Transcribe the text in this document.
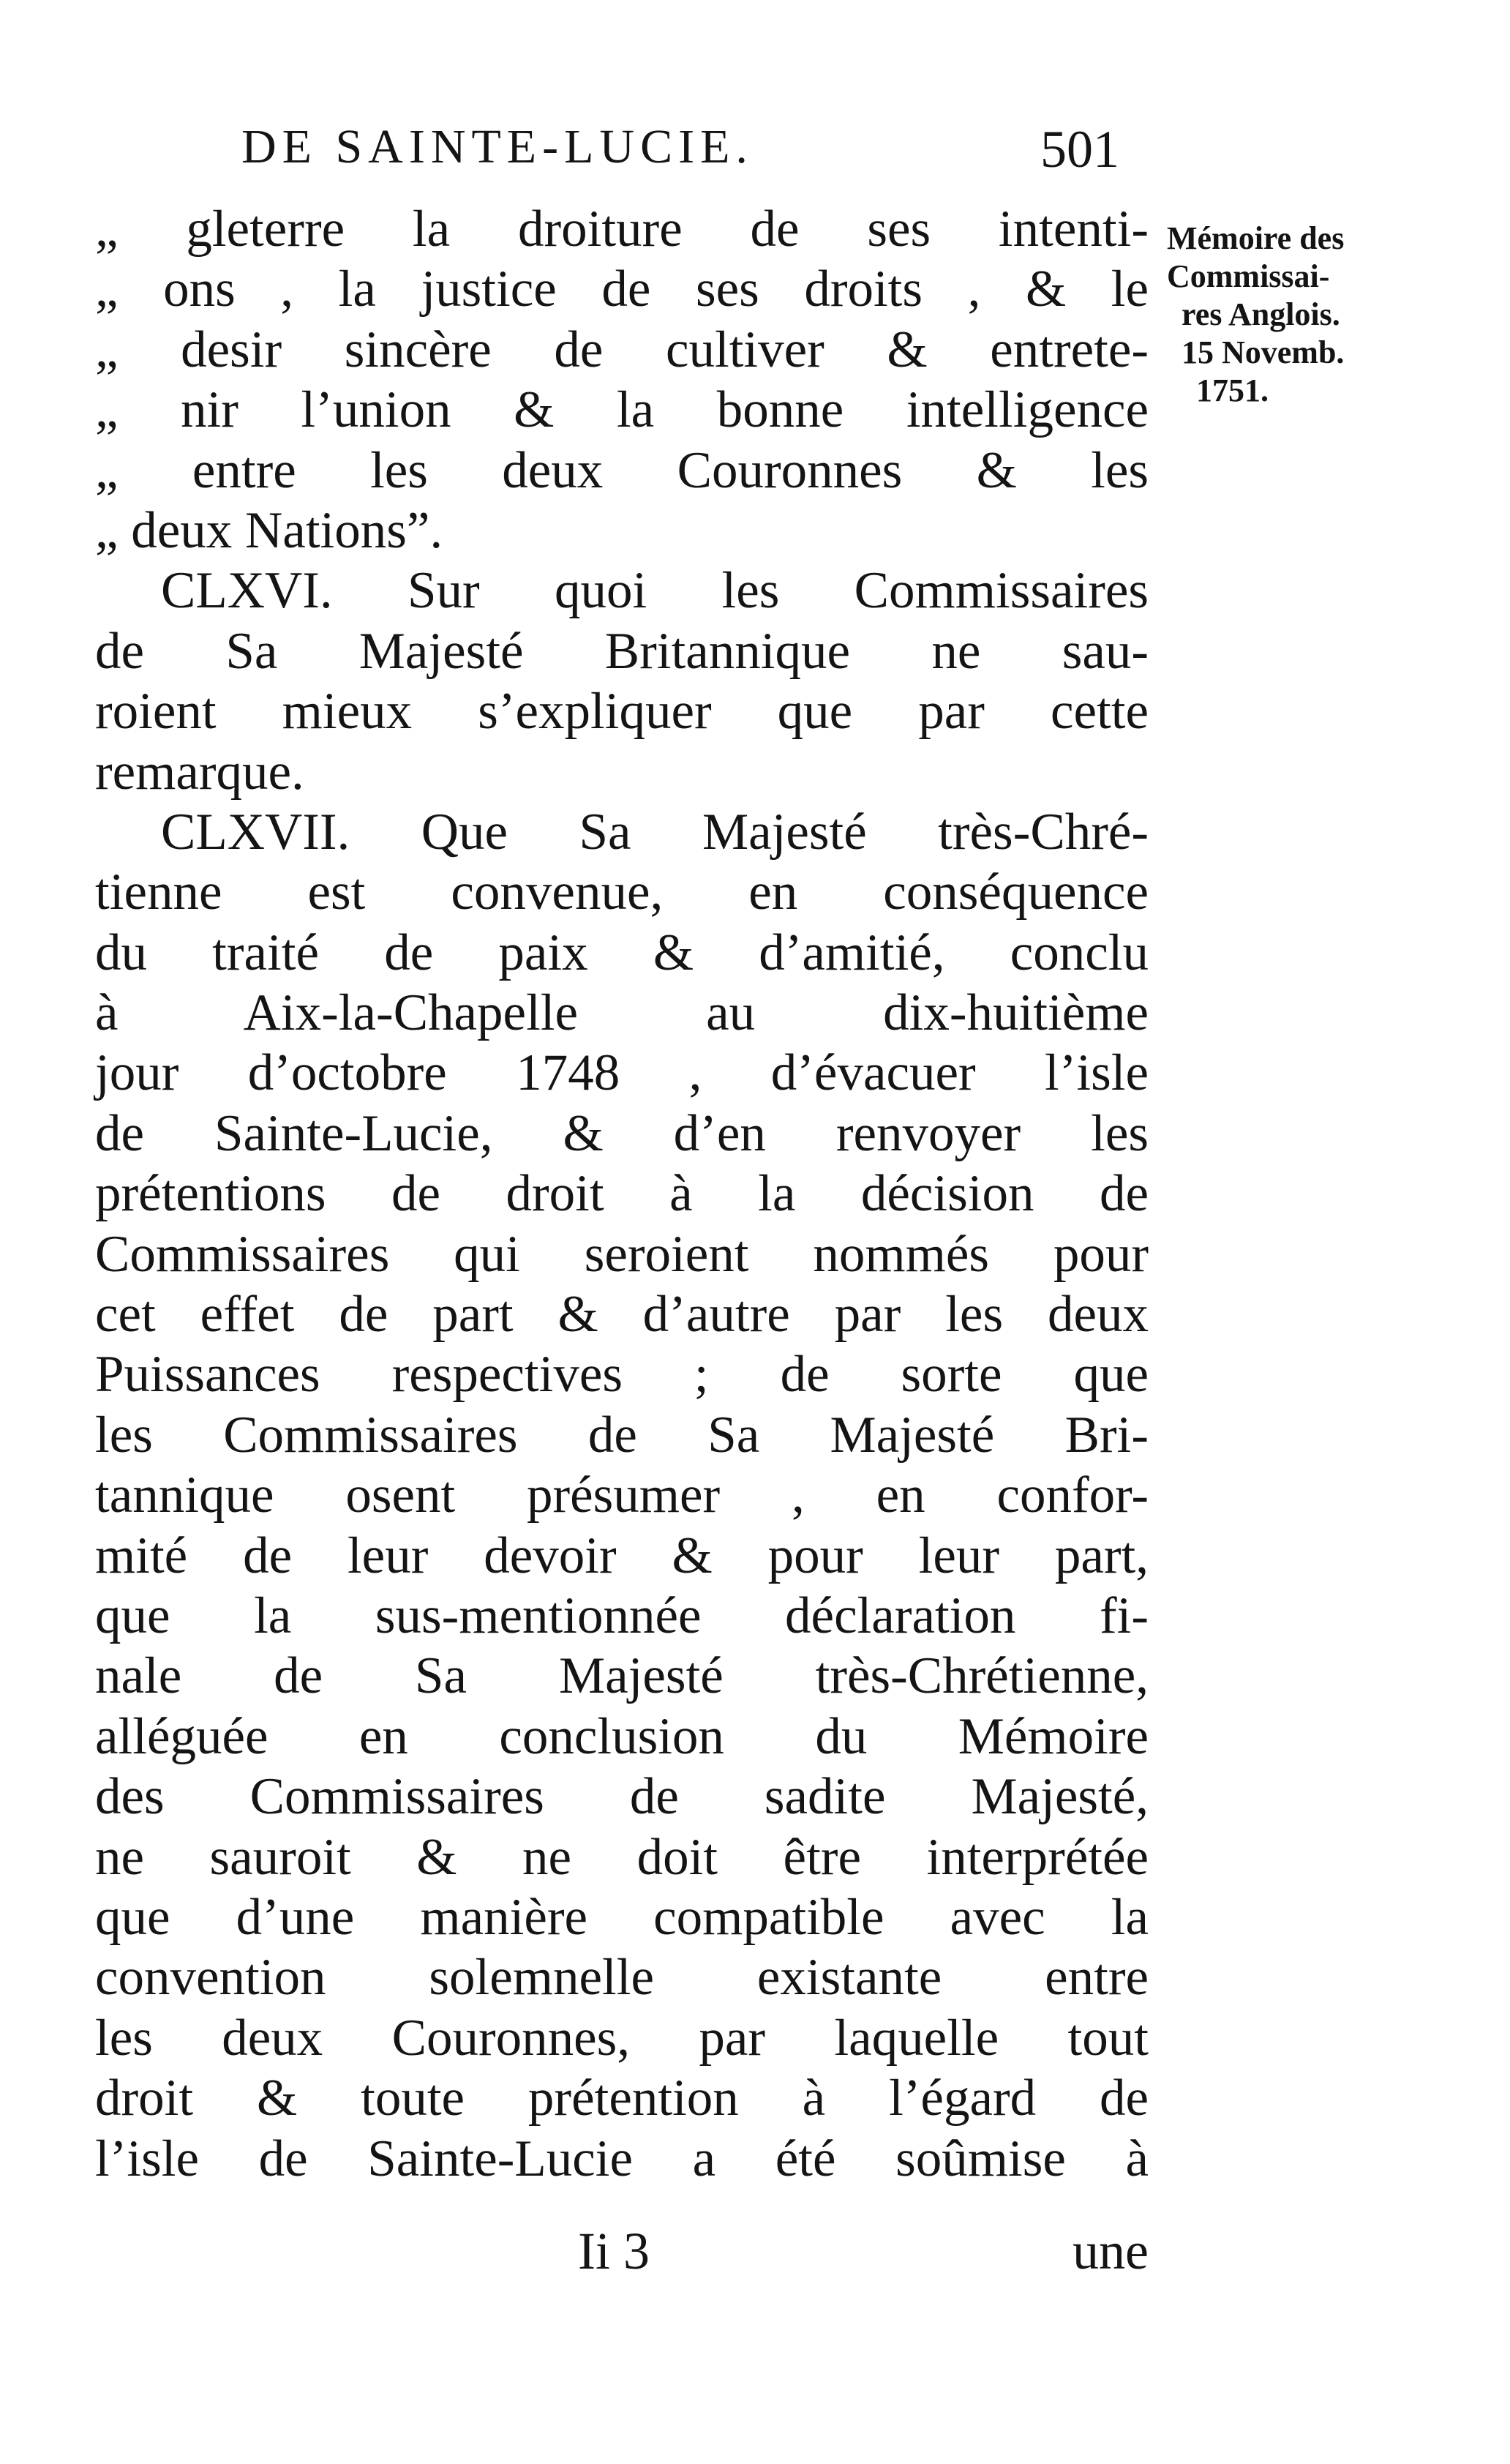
DE SAINTE-LUCIE.	501
Mémoire des
Commissai-
res Anglois.
15 Novemb.
1751.
„ gleterre la droiture de ses intenti-
„ ons , la justice de ses droits , & le
„ desir sincère de cultiver & entrete-
„ nir l’union & la bonne intelligence
„ entre les deux Couronnes & les
„ deux Nations”.
CLXVI. Sur quoi les Commissaires
de Sa Majesté Britannique ne sau-
roient mieux s’expliquer que par cette
remarque.
CLXVII. Que Sa Majesté très-Chré-
tienne est convenue, en conséquence
du traité de paix & d’amitié, conclu
à Aix-la-Chapelle au dix-huitième
jour d’octobre 1748 , d’évacuer l’isle
de Sainte-Lucie, & d’en renvoyer les
prétentions de droit à la décision de
Commissaires qui seroient nommés pour
cet effet de part & d’autre par les deux
Puissances respectives ; de sorte que
les Commissaires de Sa Majesté Bri-
tannique osent présumer , en confor-
mité de leur devoir & pour leur part,
que la sus-mentionnée déclaration fi-
nale de Sa Majesté très-Chrétienne,
alléguée en conclusion du Mémoire
des Commissaires de sadite Majesté,
ne sauroit & ne doit être interprétée
que d’une manière compatible avec la
convention solemnelle existante entre
les deux Couronnes, par laquelle tout
droit & toute prétention à l’égard de
l’isle de Sainte-Lucie a été soûmise à
Ii 3	une
